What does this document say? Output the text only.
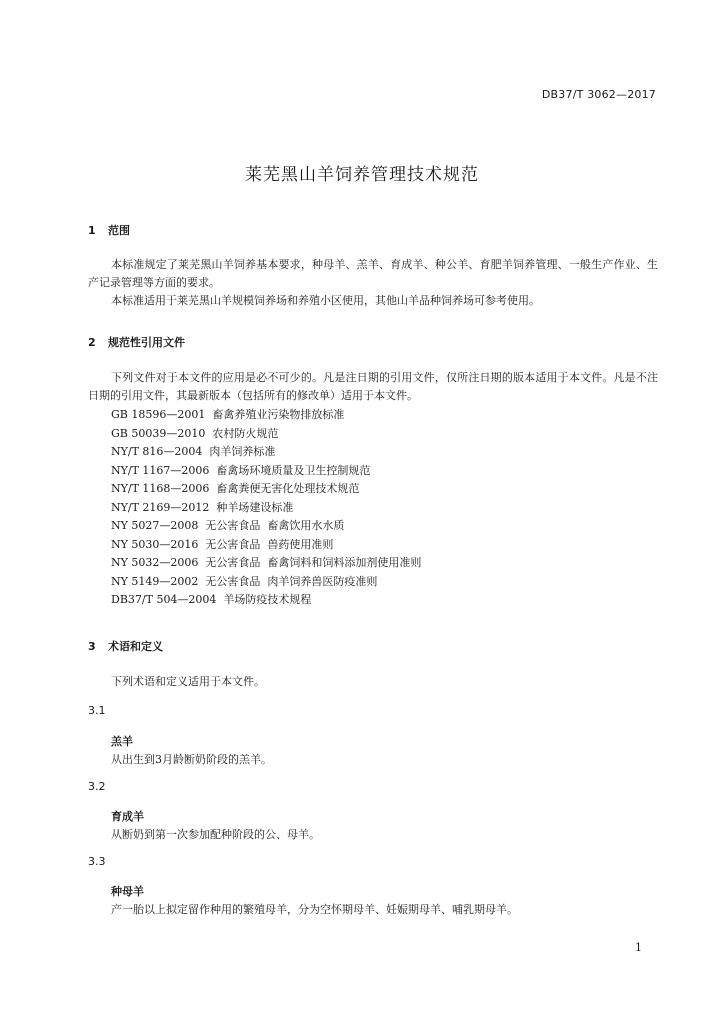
DB37/T 3062—2017
莱芜黑山羊饲养管理技术规范
1 范围
本标准规定了莱芜黑山羊饲养基本要求，种母羊、羔羊、育成羊、种公羊、育肥羊饲养管理、一般生产作业、生产记录管理等方面的要求。
本标准适用于莱芜黑山羊规模饲养场和养殖小区使用，其他山羊品种饲养场可参考使用。
2 规范性引用文件
下列文件对于本文件的应用是必不可少的。凡是注日期的引用文件，仅所注日期的版本适用于本文件。凡是不注日期的引用文件，其最新版本（包括所有的修改单）适用于本文件。
GB 18596—2001  畜禽养殖业污染物排放标准
GB 50039—2010  农村防火规范
NY/T 816—2004  肉羊饲养标准
NY/T 1167—2006  畜禽场环境质量及卫生控制规范
NY/T 1168—2006  畜禽粪便无害化处理技术规范
NY/T 2169—2012  种羊场建设标准
NY 5027—2008  无公害食品  畜禽饮用水水质
NY 5030—2016  无公害食品  兽药使用准则
NY 5032—2006  无公害食品  畜禽饲料和饲料添加剂使用准则
NY 5149—2002  无公害食品  肉羊饲养兽医防疫准则
DB37/T 504—2004  羊场防疫技术规程
3 术语和定义
下列术语和定义适用于本文件。
3.1
羔羊
从出生到3月龄断奶阶段的羔羊。
3.2
育成羊
从断奶到第一次参加配种阶段的公、母羊。
3.3
种母羊
产一胎以上拟定留作种用的繁殖母羊，分为空怀期母羊、妊娠期母羊、哺乳期母羊。
1
